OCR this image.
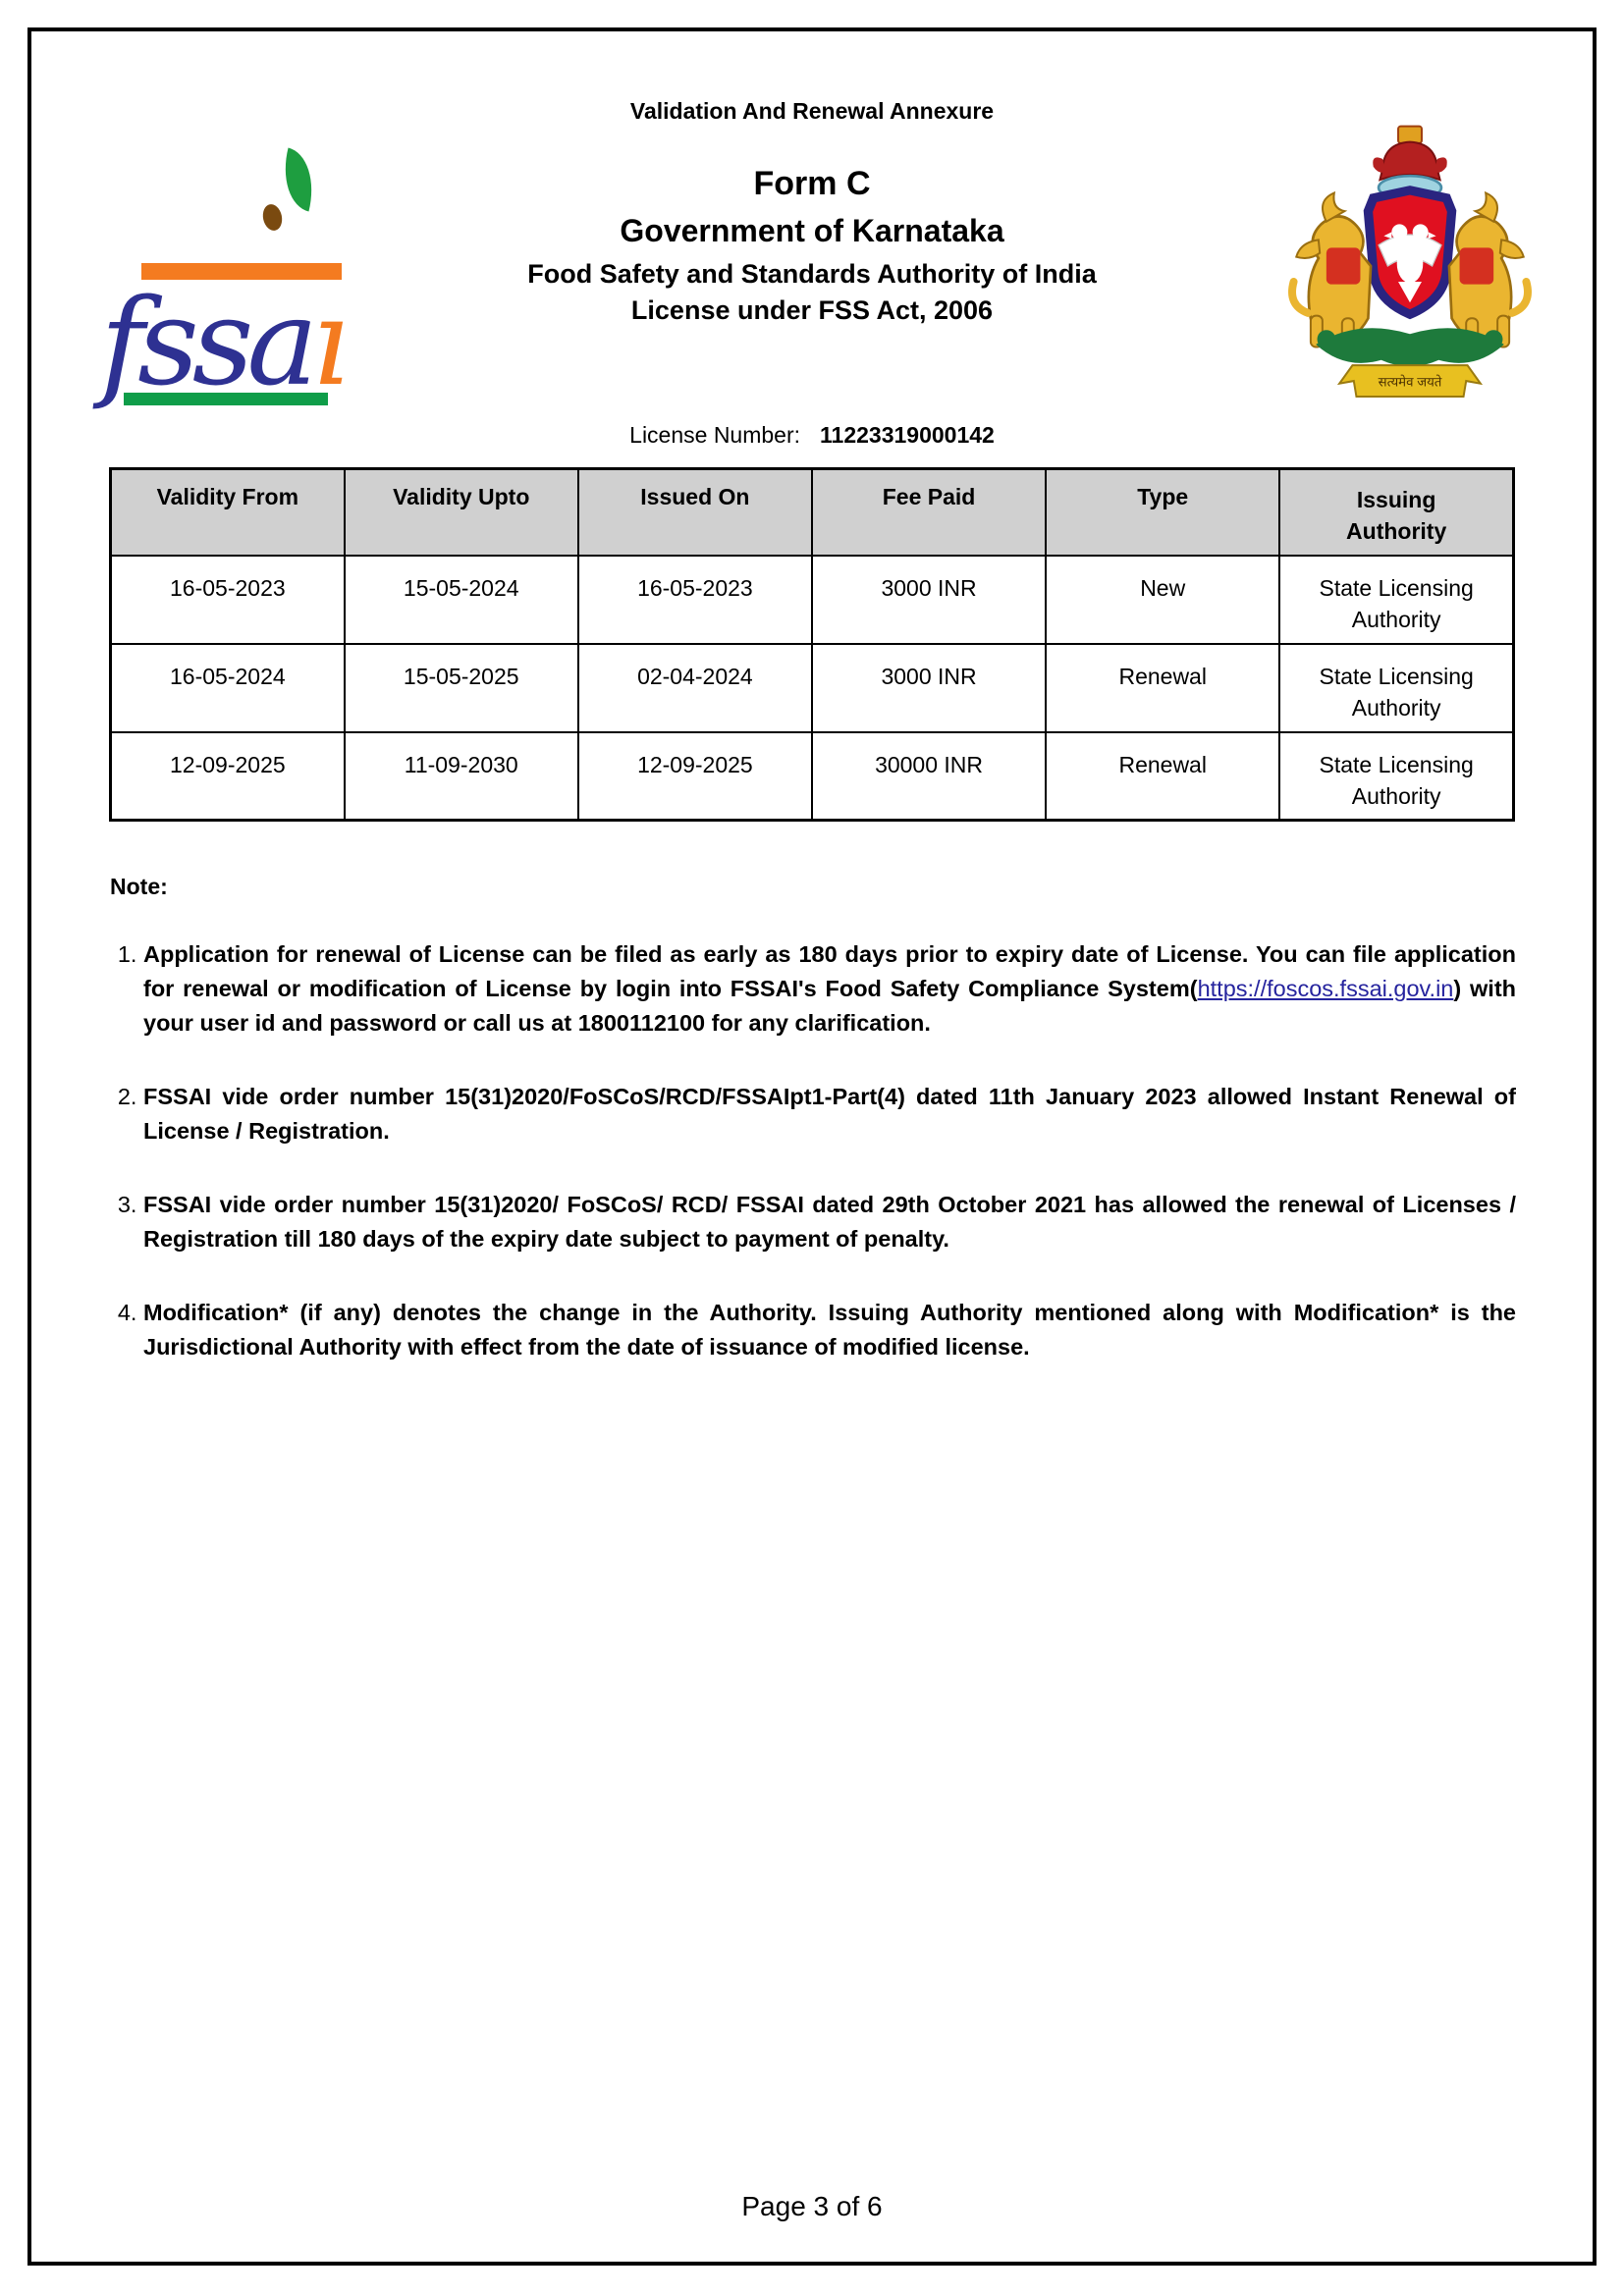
Validation And Renewal Annexure
fssaı
Form C
Government of Karnataka
Food Safety and Standards Authority of India
License under FSS Act, 2006
सत्यमेव जयते
License Number: 11223319000142
Validity From	Validity Upto	Issued On	Fee Paid	Type	Issuing Authority
16-05-2023	15-05-2024	16-05-2023	3000 INR	New	State Licensing Authority
16-05-2024	15-05-2025	02-04-2024	3000 INR	Renewal	State Licensing Authority
12-09-2025	11-09-2030	12-09-2025	30000 INR	Renewal	State Licensing Authority
Note:
1. Application for renewal of License can be filed as early as 180 days prior to expiry date of License. You can file application for renewal or modification of License by login into FSSAI's Food Safety Compliance System(https://foscos.fssai.gov.in) with your user id and password or call us at 1800112100 for any clarification.
2. FSSAI vide order number 15(31)2020/FoSCoS/RCD/FSSAIpt1-Part(4) dated 11th January 2023 allowed Instant Renewal of License / Registration.
3. FSSAI vide order number 15(31)2020/ FoSCoS/ RCD/ FSSAI dated 29th October 2021 has allowed the renewal of Licenses / Registration till 180 days of the expiry date subject to payment of penalty.
4. Modification* (if any) denotes the change in the Authority. Issuing Authority mentioned along with Modification* is the Jurisdictional Authority with effect from the date of issuance of modified license.
Page 3 of 6
